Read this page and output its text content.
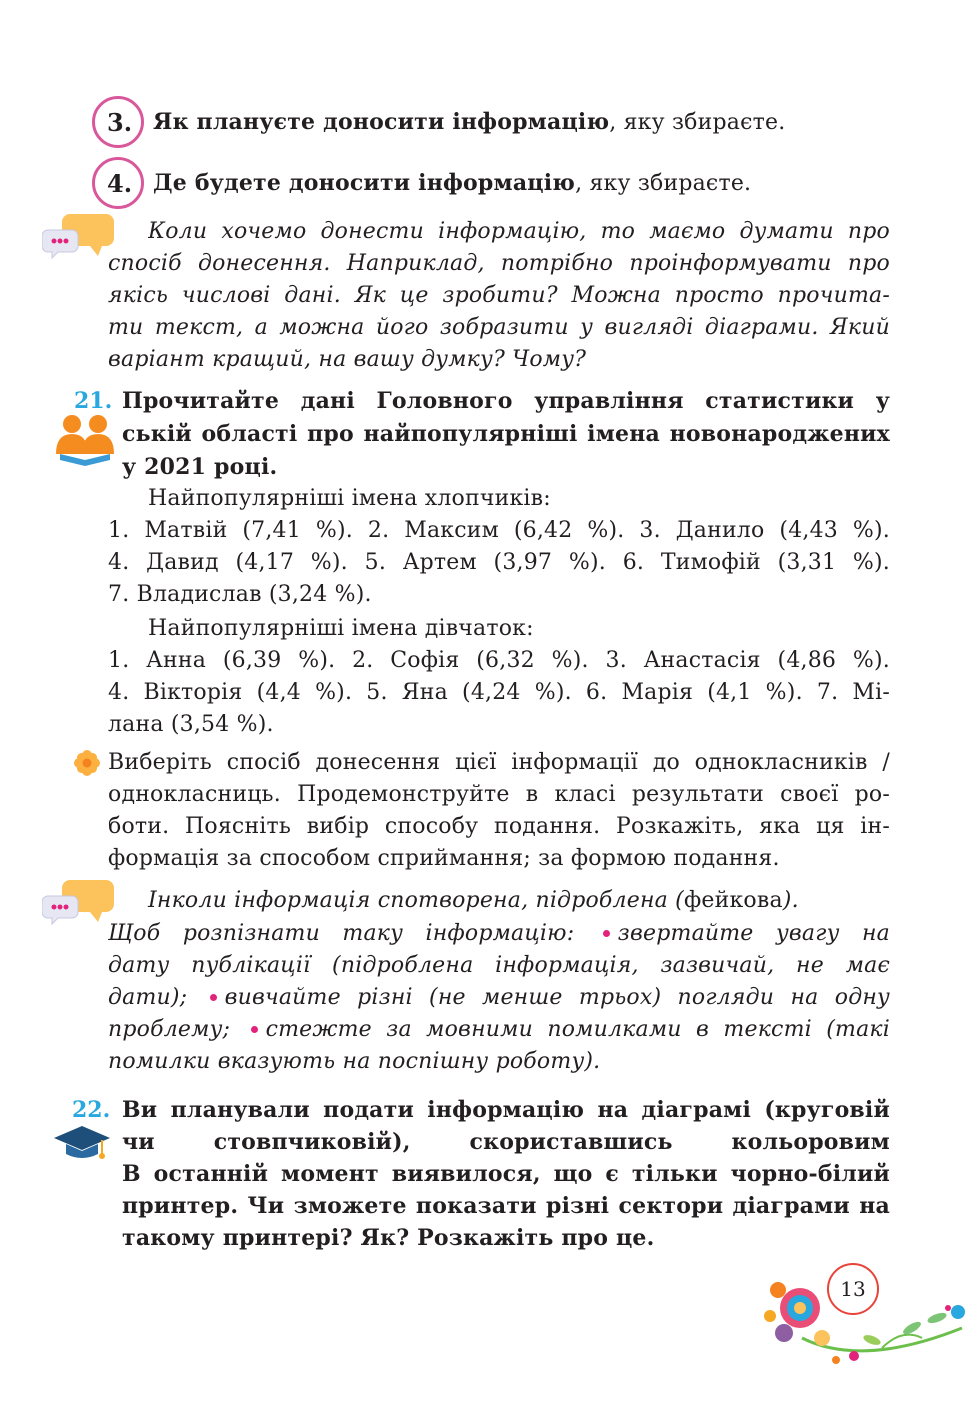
3. Як плануєте доносити інформацію, яку збираєте.
4. Де будете доносити інформацію, яку збираєте.
Коли хочемо донести інформацію, то маємо думати про
спосіб донесення. Наприклад, потрібно проінформувати про
якісь числові дані. Як це зробити? Можна просто прочита-
ти текст, а можна його зобразити у вигляді діаграми. Який
варіант кращий, на вашу думку? Чому?
21. Прочитайте дані Головного управління статистики у
ській області про найпопулярніші імена новонароджених
у 2021 році.
Найпопулярніші імена хлопчиків:
1. Матвій (7,41 %). 2. Максим (6,42 %). 3. Данило (4,43 %).
4. Давид (4,17 %). 5. Артем (3,97 %). 6. Тимофій (3,31 %).
7. Владислав (3,24 %).
Найпопулярніші імена дівчаток:
1. Анна (6,39 %). 2. Софія (6,32 %). 3. Анастасія (4,86 %).
4. Вікторія (4,4 %). 5. Яна (4,24 %). 6. Марія (4,1 %). 7. Мі-
лана (3,54 %).
Виберіть спосіб донесення цієї інформації до однокласників /
однокласниць. Продемонструйте в класі результати своєї ро-
боти. Поясніть вибір способу подання. Розкажіть, яка ця ін-
формація за способом сприймання; за формою подання.
Інколи інформація спотворена, підроблена (фейкова).
Щоб розпізнати таку інформацію: звертайте увагу на
дату публікації (підроблена інформація, зазвичай, не має
дати); вивчайте різні (не менше трьох) погляди на одну
проблему; стежте за мовними помилками в тексті (такі
помилки вказують на поспішну роботу).
22. Ви планували подати інформацію на діаграмі (круговій
чи стовпчиковій), скориставшись кольоровим
В останній момент виявилося, що є тільки чорно-білий
принтер. Чи зможете показати різні сектори діаграми на
такому принтері? Як? Розкажіть про це.
13
